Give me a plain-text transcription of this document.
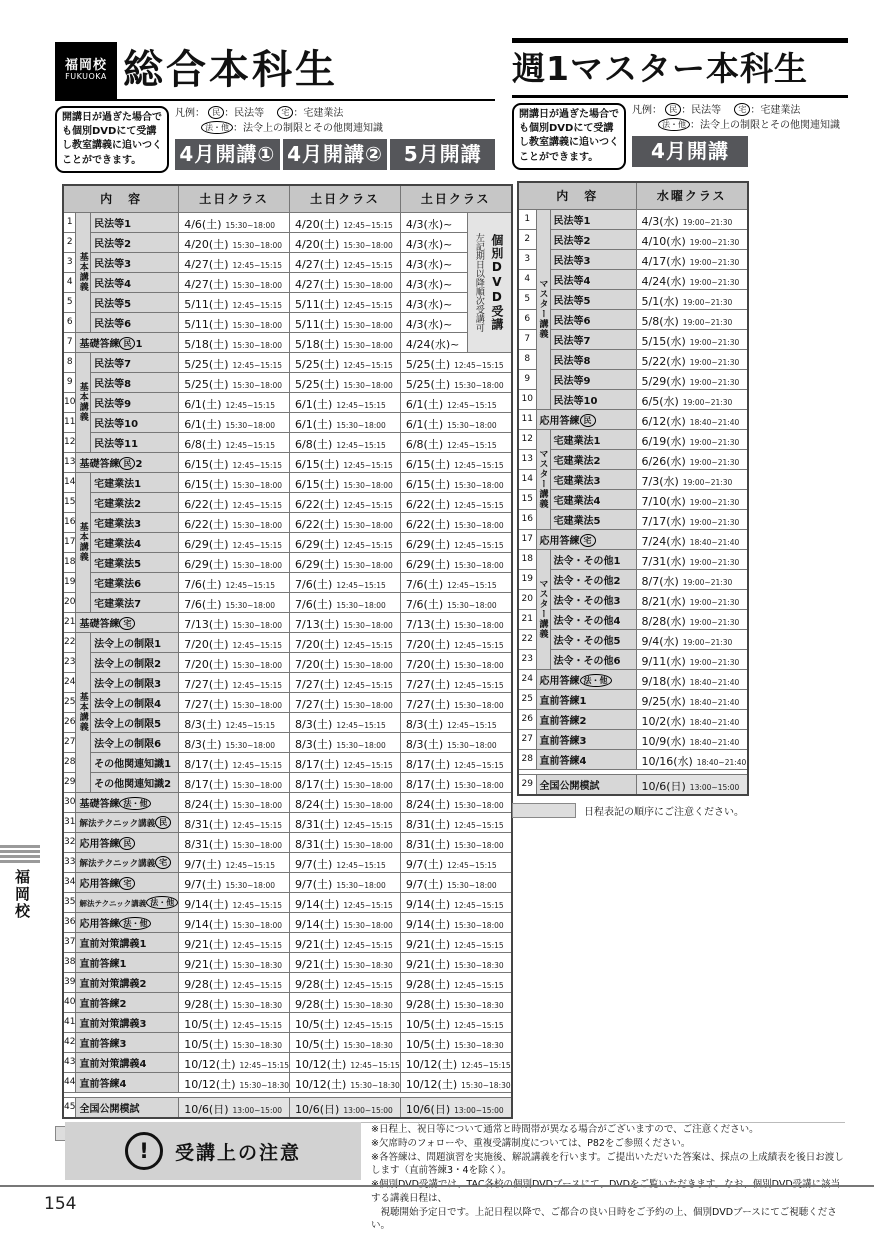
福岡校
FUKUOKA 総合本科生
開講日が過ぎた場合でも個別DVDにて受講し教室講義に追いつくことができます。
凡例： 民 ：民法等 　 宅 ：宅建業法
法・他 ：法令上の制限とその他関連知識
4月開講① 4月開講②	5月開講
内　容			土日クラス	土日クラス	土日クラス	
1	基本講義	民法等1	4/6(土) 15:30~18:00	4/20(土) 12:45~15:15	4/3(水)~	個別DVD受講
左記期日以降順次受講可

2		民法等2	4/20(土) 15:30~18:00	4/20(土) 15:30~18:00	4/3(水)~	
3		民法等3	4/27(土) 12:45~15:15	4/27(土) 12:45~15:15	4/3(水)~	
4		民法等4	4/27(土) 15:30~18:00	4/27(土) 15:30~18:00	4/3(水)~	
5		民法等5	5/11(土) 12:45~15:15	5/11(土) 12:45~15:15	4/3(水)~	
6		民法等6	5/11(土) 15:30~18:00	5/11(土) 15:30~18:00	4/3(水)~	
7	基礎答練 民 1		5/18(土) 15:30~18:00	5/18(土) 15:30~18:00	4/24(水)~	
8	基本講義	民法等7	5/25(土) 12:45~15:15	5/25(土) 12:45~15:15	5/25(土) 12:45~15:15	
9		民法等8	5/25(土) 15:30~18:00	5/25(土) 15:30~18:00	5/25(土) 15:30~18:00	
10		民法等9	6/1(土) 12:45~15:15	6/1(土) 12:45~15:15	6/1(土) 12:45~15:15	
11		民法等10	6/1(土) 15:30~18:00	6/1(土) 15:30~18:00	6/1(土) 15:30~18:00	
12		民法等11	6/8(土) 12:45~15:15	6/8(土) 12:45~15:15	6/8(土) 12:45~15:15	
13	基礎答練 民 2		6/15(土) 12:45~15:15	6/15(土) 12:45~15:15	6/15(土) 12:45~15:15	
14	基本講義	宅建業法1	6/15(土) 15:30~18:00	6/15(土) 15:30~18:00	6/15(土) 15:30~18:00	
15		宅建業法2	6/22(土) 12:45~15:15	6/22(土) 12:45~15:15	6/22(土) 12:45~15:15	
16		宅建業法3	6/22(土) 15:30~18:00	6/22(土) 15:30~18:00	6/22(土) 15:30~18:00	
17		宅建業法4	6/29(土) 12:45~15:15	6/29(土) 12:45~15:15	6/29(土) 12:45~15:15	
18		宅建業法5	6/29(土) 15:30~18:00	6/29(土) 15:30~18:00	6/29(土) 15:30~18:00	
19		宅建業法6	7/6(土) 12:45~15:15	7/6(土) 12:45~15:15	7/6(土) 12:45~15:15	
20		宅建業法7	7/6(土) 15:30~18:00	7/6(土) 15:30~18:00	7/6(土) 15:30~18:00	
21	基礎答練 宅		7/13(土) 15:30~18:00	7/13(土) 15:30~18:00	7/13(土) 15:30~18:00	
22	基本講義	法令上の制限1	7/20(土) 12:45~15:15	7/20(土) 12:45~15:15	7/20(土) 12:45~15:15	
23		法令上の制限2	7/20(土) 15:30~18:00	7/20(土) 15:30~18:00	7/20(土) 15:30~18:00	
24		法令上の制限3	7/27(土) 12:45~15:15	7/27(土) 12:45~15:15	7/27(土) 12:45~15:15	
25		法令上の制限4	7/27(土) 15:30~18:00	7/27(土) 15:30~18:00	7/27(土) 15:30~18:00	
26		法令上の制限5	8/3(土) 12:45~15:15	8/3(土) 12:45~15:15	8/3(土) 12:45~15:15	
27		法令上の制限6	8/3(土) 15:30~18:00	8/3(土) 15:30~18:00	8/3(土) 15:30~18:00	
28		その他関連知識1	8/17(土) 12:45~15:15	8/17(土) 12:45~15:15	8/17(土) 12:45~15:15	
29		その他関連知識2	8/17(土) 15:30~18:00	8/17(土) 15:30~18:00	8/17(土) 15:30~18:00	
30	基礎答練 法・他		8/24(土) 15:30~18:00	8/24(土) 15:30~18:00	8/24(土) 15:30~18:00	
31	解法テクニック講義 民		8/31(土) 12:45~15:15	8/31(土) 12:45~15:15	8/31(土) 12:45~15:15	
32	応用答練 民		8/31(土) 15:30~18:00	8/31(土) 15:30~18:00	8/31(土) 15:30~18:00	
33	解法テクニック講義 宅		9/7(土) 12:45~15:15	9/7(土) 12:45~15:15	9/7(土) 12:45~15:15	
34	応用答練 宅		9/7(土) 15:30~18:00	9/7(土) 15:30~18:00	9/7(土) 15:30~18:00	
35	解法テクニック講義 法・他		9/14(土) 12:45~15:15	9/14(土) 12:45~15:15	9/14(土) 12:45~15:15	
36	応用答練 法・他		9/14(土) 15:30~18:00	9/14(土) 15:30~18:00	9/14(土) 15:30~18:00	
37	直前対策講義1		9/21(土) 12:45~15:15	9/21(土) 12:45~15:15	9/21(土) 12:45~15:15	
38	直前答練1		9/21(土) 15:30~18:30	9/21(土) 15:30~18:30	9/21(土) 15:30~18:30	
39	直前対策講義2		9/28(土) 12:45~15:15	9/28(土) 12:45~15:15	9/28(土) 12:45~15:15	
40	直前答練2		9/28(土) 15:30~18:30	9/28(土) 15:30~18:30	9/28(土) 15:30~18:30	
41	直前対策講義3		10/5(土) 12:45~15:15	10/5(土) 12:45~15:15	10/5(土) 12:45~15:15	
42	直前答練3		10/5(土) 15:30~18:30	10/5(土) 15:30~18:30	10/5(土) 15:30~18:30	
43	直前対策講義4		10/12(土) 12:45~15:15	10/12(土) 12:45~15:15	10/12(土) 12:45~15:15	
44	直前答練4		10/12(土) 15:30~18:30	10/12(土) 15:30~18:30	10/12(土) 15:30~18:30	

45	全国公開模試		10/6(日) 13:00~15:00	10/6(日) 13:00~15:00	10/6(日) 13:00~15:00	
週1マスター本科生
開講日が過ぎた場合でも個別DVDにて受講し教室講義に追いつくことができます。
凡例： 民 ：民法等 　 宅 ：宅建業法
法・他 ：法令上の制限とその他関連知識
4月開講
内　容			水曜クラス
1	マスター講義	民法等1	4/3(水) 19:00~21:30
2		民法等2	4/10(水) 19:00~21:30
3		民法等3	4/17(水) 19:00~21:30
4		民法等4	4/24(水) 19:00~21:30
5		民法等5	5/1(水) 19:00~21:30
6		民法等6	5/8(水) 19:00~21:30
7		民法等7	5/15(水) 19:00~21:30
8		民法等8	5/22(水) 19:00~21:30
9		民法等9	5/29(水) 19:00~21:30
10		民法等10	6/5(水) 19:00~21:30
11	応用答練 民		6/12(水) 18:40~21:40
12	マスター講義	宅建業法1	6/19(水) 19:00~21:30
13		宅建業法2	6/26(水) 19:00~21:30
14		宅建業法3	7/3(水) 19:00~21:30
15		宅建業法4	7/10(水) 19:00~21:30
16		宅建業法5	7/17(水) 19:00~21:30
17	応用答練 宅		7/24(水) 18:40~21:40
18	マスター講義	法令・その他1	7/31(水) 19:00~21:30
19		法令・その他2	8/7(水) 19:00~21:30
20		法令・その他3	8/21(水) 19:00~21:30
21		法令・その他4	8/28(水) 19:00~21:30
22		法令・その他5	9/4(水) 19:00~21:30
23		法令・その他6	9/11(水) 19:00~21:30
24	応用答練 法・他		9/18(水) 18:40~21:40
25	直前答練1		9/25(水) 18:40~21:40
26	直前答練2		10/2(水) 18:40~21:40
27	直前答練3		10/9(水) 18:40~21:40
28	直前答練4		10/16(水) 18:40~21:40

29	全国公開模試		10/6(日) 13:00~15:00
日程表記の順序にご注意ください。
福岡校
!	受講上の注意
※日程上、祝日等について通常と時間帯が異なる場合がございますので、ご注意ください。
※欠席時のフォローや、重複受講制度については、P82をご参照ください。
※各答練は、問題演習を実施後、解説講義を行います。ご提出いただいた答案は、採点の上成績表を後日お渡しします（直前答練3・4を除く）。
※個別DVD受講では、TAC各校の個別DVDブースにて、DVDをご覧いただきます。なお、個別DVD受講に該当する講義日程は、
　視聴開始予定日です。上記日程以降で、ご都合の良い日時をご予約の上、個別DVDブースにてご視聴ください。
154
